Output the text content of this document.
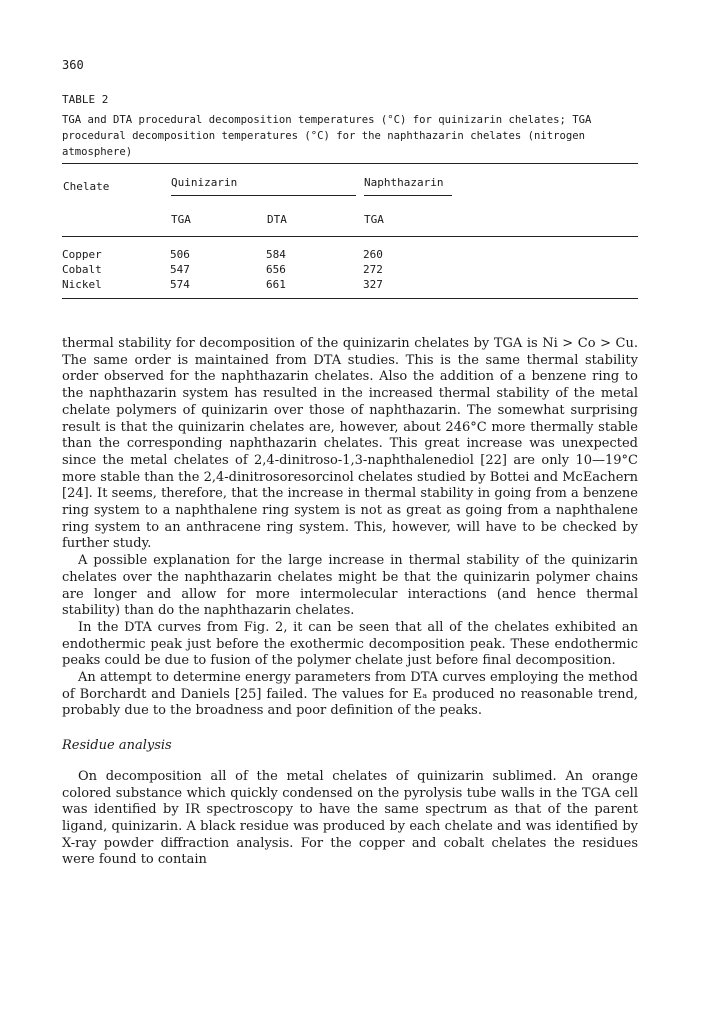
360
TABLE 2

TGA and DTA procedural decomposition temperatures (°C) for quinizarin chelates; TGA procedural decomposition temperatures (°C) for the naphthazarin chelates (nitrogen atmosphere)

Chelate	Quinizarin		Naphthazarin
	TGA	DTA	TGA
Copper	506	584	260
Cobalt	547	656	272
Nickel	574	661	327

thermal stability for decomposition of the quinizarin chelates by TGA is Ni > Co > Cu. The same order is maintained from DTA studies. This is the same thermal stability order observed for the naphthazarin chelates. Also the addition of a benzene ring to the naphthazarin system has resulted in the increased thermal stability of the metal chelate polymers of quinizarin over those of naphthazarin. The somewhat surprising result is that the quinizarin chelates are, however, about 246°C more thermally stable than the corresponding naphthazarin chelates. This great increase was unexpected since the metal chelates of 2,4-dinitroso-1,3-naphthalenediol [22] are only 10—19°C more stable than the 2,4-dinitrosoresorcinol chelates studied by Bottei and McEachern [24]. It seems, therefore, that the increase in thermal stability in going from a benzene ring system to a naphthalene ring system is not as great as going from a naphthalene ring system to an anthracene ring system. This, however, will have to be checked by further study.

A possible explanation for the large increase in thermal stability of the quinizarin chelates over the naphthazarin chelates might be that the quinizarin polymer chains are longer and allow for more intermolecular interactions (and hence thermal stability) than do the naphthazarin chelates.

In the DTA curves from Fig. 2, it can be seen that all of the chelates exhibited an endothermic peak just before the exothermic decomposition peak. These endothermic peaks could be due to fusion of the polymer chelate just before final decomposition.

An attempt to determine energy parameters from DTA curves employing the method of Borchardt and Daniels [25] failed. The values for Eₐ produced no reasonable trend, probably due to the broadness and poor definition of the peaks.

Residue analysis

On decomposition all of the metal chelates of quinizarin sublimed. An orange colored substance which quickly condensed on the pyrolysis tube walls in the TGA cell was identified by IR spectroscopy to have the same spectrum as that of the parent ligand, quinizarin. A black residue was produced by each chelate and was identified by X-ray powder diffraction analysis. For the copper and cobalt chelates the residues were found to contain
